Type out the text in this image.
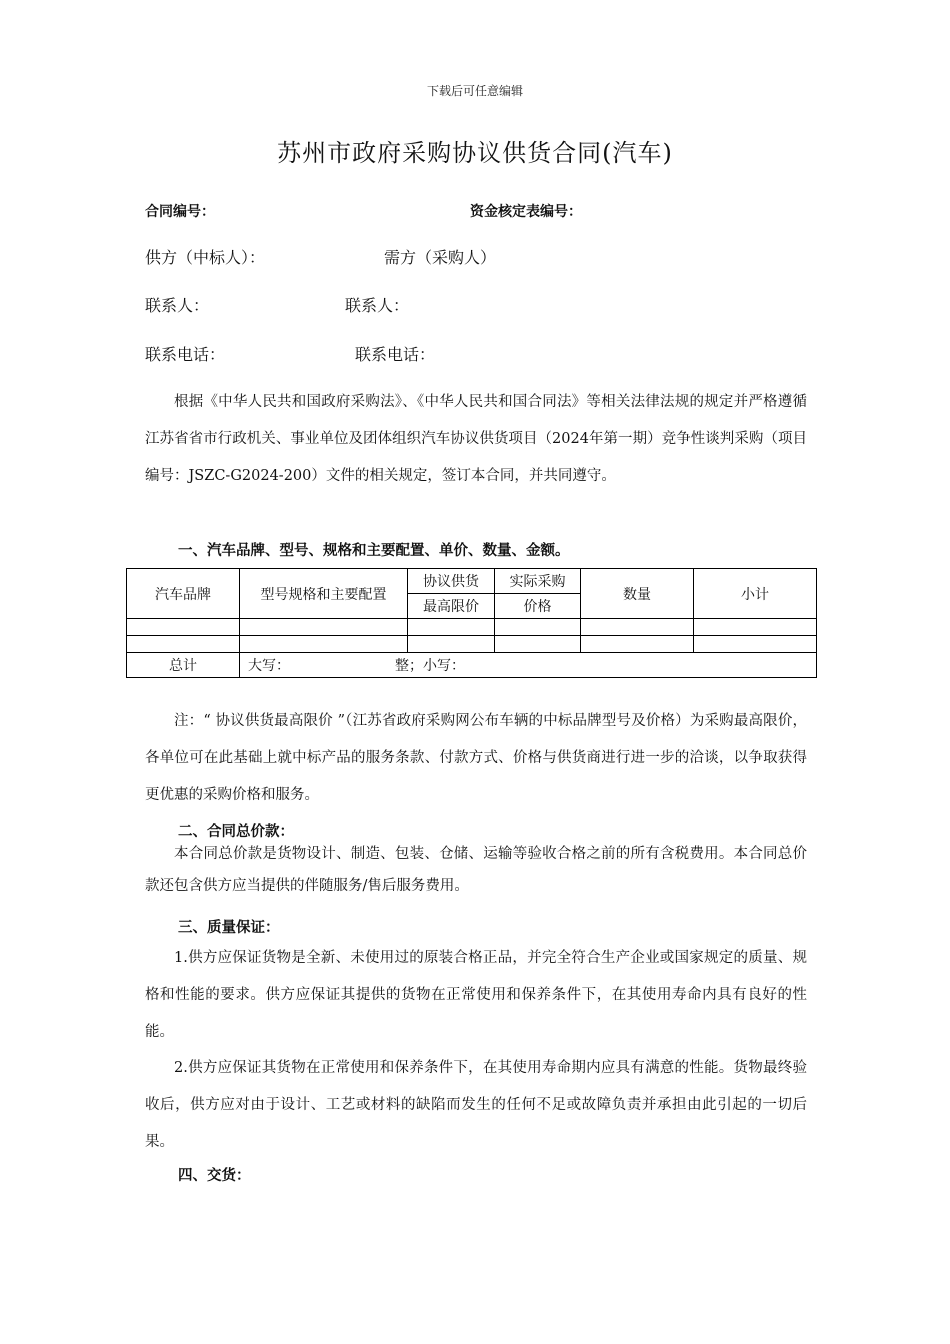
下载后可任意编辑
苏州市政府采购协议供货合同(汽车)
合同编号：	资金核定表编号：
供方（中标人）：	需方（采购人）
联系人：	联系人：
联系电话：	联系电话：
根据《中华人民共和国政府采购法》、《中华人民共和国合同法》等相关法律法规的规定并严格遵循江苏省省市行政机关、事业单位及团体组织汽车协议供货项目（2024年第一期）竞争性谈判采购（项目编号：JSZC-G2024-200）文件的相关规定，签订本合同，并共同遵守。
一、汽车品牌、型号、规格和主要配置、单价、数量、金额。
汽车品牌	型号规格和主要配置	协议供货	实际采购	数量	小计
		最高限价	价格		

总计	大写： 整；小写：				
注：“ 协议供货最高限价 ”（江苏省政府采购网公布车辆的中标品牌型号及价格）为采购最高限价，各单位可在此基础上就中标产品的服务条款、付款方式、价格与供货商进行进一步的洽谈，以争取获得更优惠的采购价格和服务。
二、合同总价款：
本合同总价款是货物设计、制造、包装、仓储、运输等验收合格之前的所有含税费用。本合同总价款还包含供方应当提供的伴随服务/售后服务费用。
三、质量保证：
1.供方应保证货物是全新、未使用过的原装合格正品，并完全符合生产企业或国家规定的质量、规格和性能的要求。供方应保证其提供的货物在正常使用和保养条件下，在其使用寿命内具有良好的性能。
2.供方应保证其货物在正常使用和保养条件下，在其使用寿命期内应具有满意的性能。货物最终验收后，供方应对由于设计、工艺或材料的缺陷而发生的任何不足或故障负责并承担由此引起的一切后果。
四、交货：
